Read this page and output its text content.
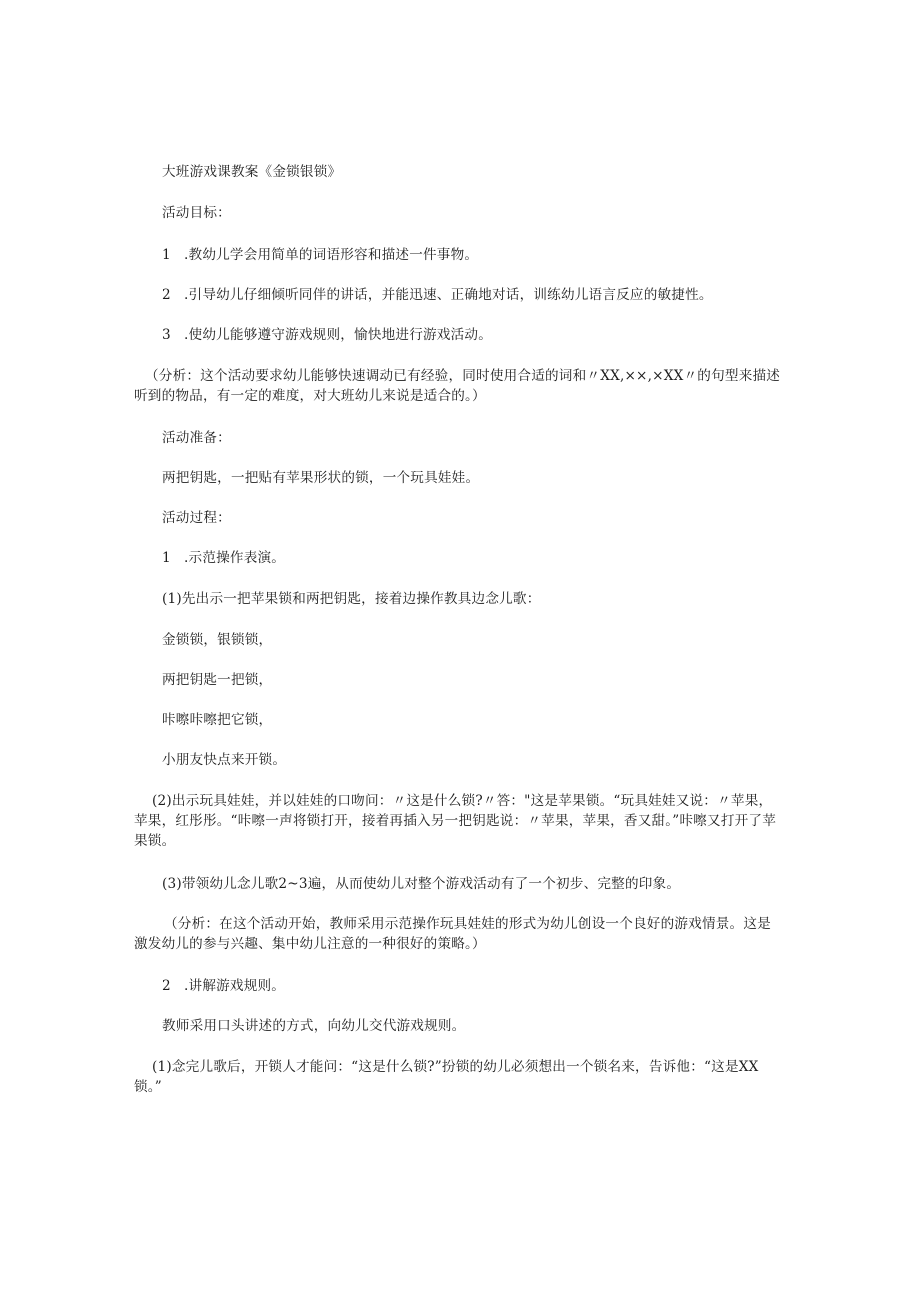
大班游戏课教案《金锁银锁》
活动目标：
1 .教幼儿学会用简单的词语形容和描述一件事物。
2 .引导幼儿仔细倾听同伴的讲话，并能迅速、正确地对话，训练幼儿语言反应的敏捷性。
3 .使幼儿能够遵守游戏规则，愉快地进行游戏活动。
（分析：这个活动要求幼儿能够快速调动已有经验，同时使用合适的词和〃XX,××,×XX〃的句型来描述听到的物品，有一定的难度，对大班幼儿来说是适合的。）
活动准备：
两把钥匙，一把贴有苹果形状的锁，一个玩具娃娃。
活动过程：
1 .示范操作表演。
(1)先出示一把苹果锁和两把钥匙，接着边操作教具边念儿歌：
金锁锁，银锁锁，
两把钥匙一把锁，
咔嚓咔嚓把它锁，
小朋友快点来开锁。
(2)出示玩具娃娃，并以娃娃的口吻问：〃这是什么锁?〃答："这是苹果锁。“玩具娃娃又说：〃苹果，苹果，红彤彤。“咔嚓一声将锁打开，接着再插入另一把钥匙说：〃苹果，苹果，香又甜。”咔嚓又打开了苹果锁。
(3)带领幼儿念儿歌2~3遍，从而使幼儿对整个游戏活动有了一个初步、完整的印象。
（分析：在这个活动开始，教师采用示范操作玩具娃娃的形式为幼儿创设一个良好的游戏情景。这是激发幼儿的参与兴趣、集中幼儿注意的一种很好的策略。）
2 .讲解游戏规则。
教师采用口头讲述的方式，向幼儿交代游戏规则。
(1)念完儿歌后，开锁人才能问：“这是什么锁?”扮锁的幼儿必须想出一个锁名来，告诉他：“这是XX锁。”
